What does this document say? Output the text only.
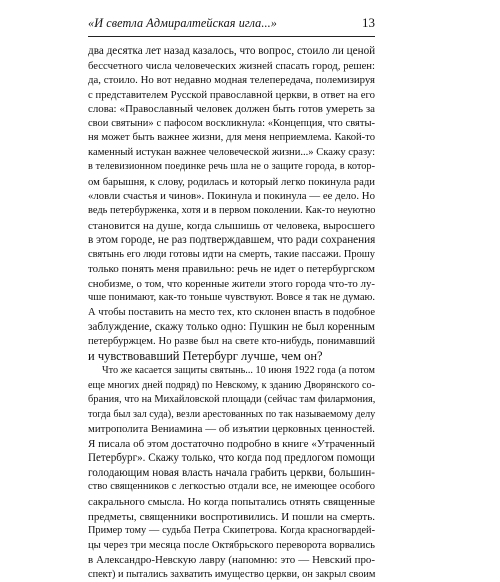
«И светла Адмиралтейская игла...»	13
два десятка лет назад казалось, что вопрос, стоило ли ценой
бессчетного числа человеческих жизней спасать город, решен:
да, стоило. Но вот недавно модная телепередача, полемизируя
с представителем Русской православной церкви, в ответ на его
слова: «Православный человек должен быть готов умереть за
свои святыни» с пафосом воскликнула: «Концепция, что святы-
ня может быть важнее жизни, для меня неприемлема. Какой-то
каменный истукан важнее человеческой жизни...» Скажу сразу:
в телевизионном поединке речь шла не о защите города, в котор-
ом барышня, к слову, родилась и который легко покинула ради
«ловли счастья и чинов». Покинула и покинула — ее дело. Но
ведь петербурженка, хотя и в первом поколении. Как-то неуютно
становится на душе, когда слышишь от человека, выросшего
в этом городе, не раз подтверждавшем, что ради сохранения
святынь его люди готовы идти на смерть, такие пассажи. Прошу
только понять меня правильно: речь не идет о петербургском
снобизме, о том, что коренные жители этого города что-то лу-
чше понимают, как-то тоньше чувствуют. Вовсе я так не думаю.
А чтобы поставить на место тех, кто склонен впасть в подобное
заблуждение, скажу только одно: Пушкин не был коренным
петербуржцем. Но разве был на свете кто-нибудь, понимавший
и чувствовавший Петербург лучше, чем он?
Что же касается защиты святынь... 10 июня 1922 года (а потом
еще многих дней подряд) по Невскому, к зданию Дворянского со-
брания, что на Михайловской площади (сейчас там филармония,
тогда был зал суда), везли арестованных по так называемому делу
митрополита Вениамина — об изъятии церковных ценностей.
Я писала об этом достаточно подробно в книге «Утраченный
Петербург». Скажу только, что когда под предлогом помощи
голодающим новая власть начала грабить церкви, большин-
ство священников с легкостью отдали все, не имеющее особого
сакрального смысла. Но когда попытались отнять священные
предметы, священники воспротивились. И пошли на смерть.
Пример тому — судьба Петра Скипетрова. Когда красногвардей-
цы через три месяца после Октябрьского переворота ворвались
в Александро-Невскую лавру (напомню: это — Невский про-
спект) и пытались захватить имущество церкви, он закрыл своим
